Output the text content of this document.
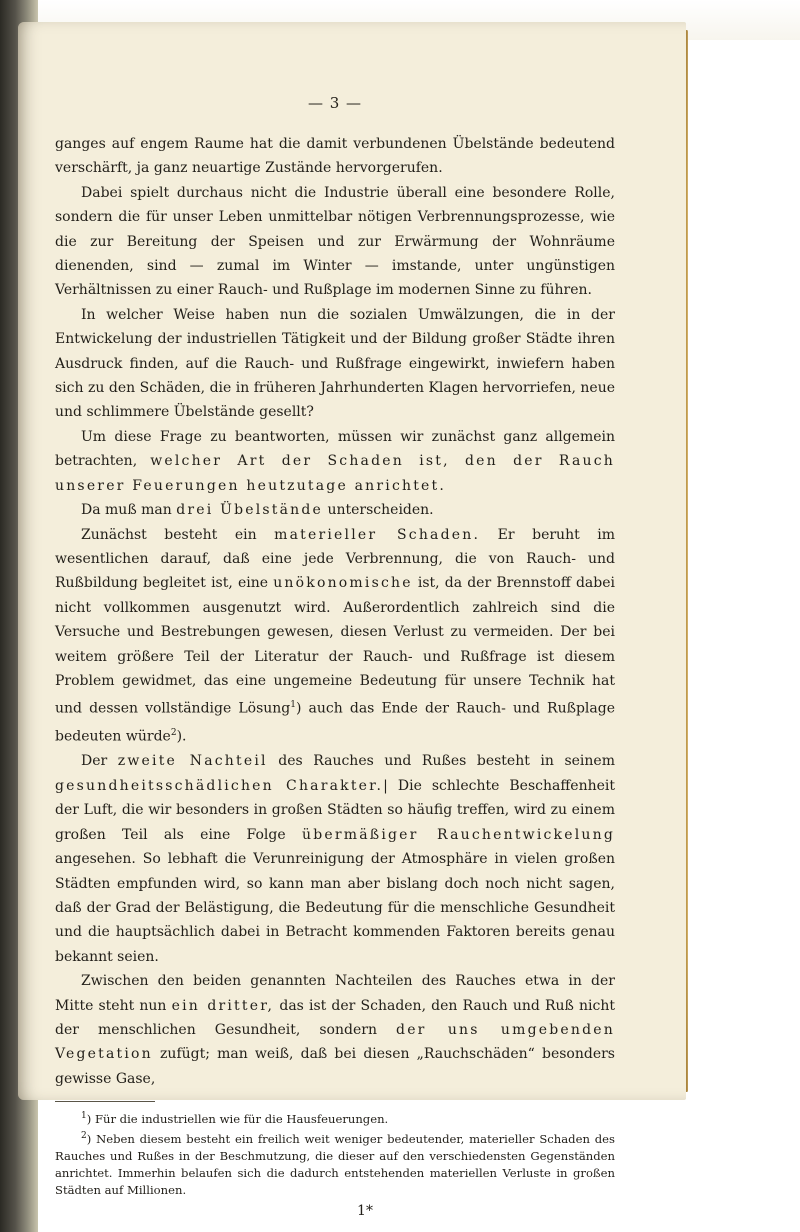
— 3 —

ganges auf engem Raume hat die damit verbundenen Übelstände bedeutend verschärft, ja ganz neuartige Zustände hervorgerufen.

Dabei spielt durchaus nicht die Industrie überall eine besondere Rolle, sondern die für unser Leben unmittelbar nötigen Verbrennungsprozesse, wie die zur Bereitung der Speisen und zur Erwärmung der Wohnräume dienenden, sind — zumal im Winter — imstande, unter ungünstigen Verhältnissen zu einer Rauch- und Rußplage im modernen Sinne zu führen.

In welcher Weise haben nun die sozialen Umwälzungen, die in der Entwickelung der industriellen Tätigkeit und der Bildung großer Städte ihren Ausdruck finden, auf die Rauch- und Rußfrage eingewirkt, inwiefern haben sich zu den Schäden, die in früheren Jahrhunderten Klagen hervorriefen, neue und schlimmere Übelstände gesellt?

Um diese Frage zu beantworten, müssen wir zunächst ganz allgemein betrachten, welcher Art der Schaden ist, den der Rauch unserer Feuerungen heutzutage anrichtet.

Da muß man drei Übelstände unterscheiden.

Zunächst besteht ein materieller Schaden. Er beruht im wesentlichen darauf, daß eine jede Verbrennung, die von Rauch- und Rußbildung begleitet ist, eine unökonomische ist, da der Brennstoff dabei nicht vollkommen ausgenutzt wird. Außerordentlich zahlreich sind die Versuche und Bestrebungen gewesen, diesen Verlust zu vermeiden. Der bei weitem größere Teil der Literatur der Rauch- und Rußfrage ist diesem Problem gewidmet, das eine ungemeine Bedeutung für unsere Technik hat und dessen vollständige Lösung$^1$) auch das Ende der Rauch- und Rußplage bedeuten würde$^2$).

Der zweite Nachteil des Rauches und Rußes besteht in seinem gesundheitsschädlichen Charakter.| Die schlechte Beschaffenheit der Luft, die wir besonders in großen Städten so häufig treffen, wird zu einem großen Teil als eine Folge übermäßiger Rauchentwickelung angesehen. So lebhaft die Verunreinigung der Atmosphäre in vielen großen Städten empfunden wird, so kann man aber bislang doch noch nicht sagen, daß der Grad der Belästigung, die Bedeutung für die menschliche Gesundheit und die hauptsächlich dabei in Betracht kommenden Faktoren bereits genau bekannt seien.

Zwischen den beiden genannten Nachteilen des Rauches etwa in der Mitte steht nun ein dritter, das ist der Schaden, den Rauch und Ruß nicht der menschlichen Gesundheit, sondern der uns umgebenden Vegetation zufügt; man weiß, daß bei diesen „Rauchschäden“ besonders gewisse Gase,

$^1$) Für die industriellen wie für die Hausfeuerungen.

$^2$) Neben diesem besteht ein freilich weit weniger bedeutender, materieller Schaden des Rauches und Rußes in der Beschmutzung, die dieser auf den verschiedensten Gegenständen anrichtet. Immerhin belaufen sich die dadurch entstehenden materiellen Verluste in großen Städten auf Millionen.

1*
